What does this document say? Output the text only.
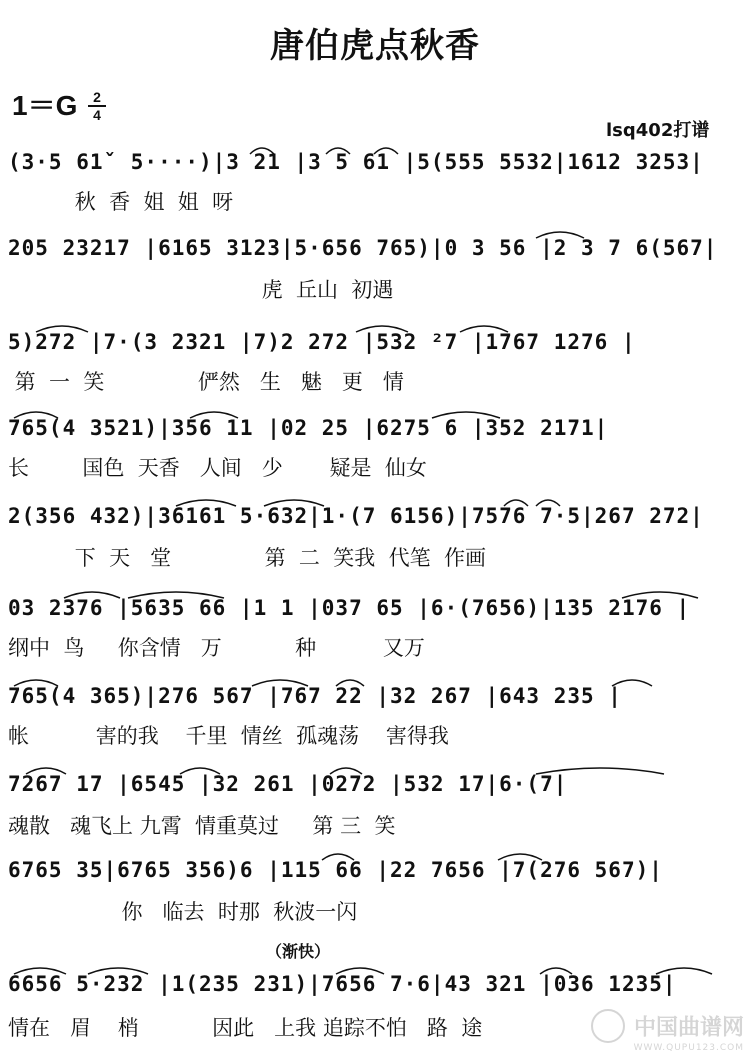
唐伯虎点秋香
1＝G	2
4
lsq402打谱
(3·5 61ˇ 5····)|3 21 |3 5 61 |5(555 5532|1612 3253|
秋  香  姐  姐  呀
205 23217 |6165 3123|5·656 765)|0 3 56 |2 3 7 6(567|
虎  丘山  初遇
5)272 |7·(3 2321 |7)2 272 |532 ²7 |1767 1276 |
第  一  笑              俨然   生   魅   更   情
765(4 3521)|356 11 |02 25 |6275 6 |352 2171|
长        国色  天香   人间   少       疑是  仙女
2(356 432)|36161 5·632|1·(7 6156)|7576 7·5|267 272|
下  天   堂              第  二  笑我  代笔  作画
03 2376 |5635 66 |1 1 |037 65 |6·(7656)|135 2176 |
纲中  鸟     你含情   万           种          又万
765(4 365)|276 567 |767 22 |32 267 |643 235 |
帐          害的我    千里  情丝  孤魂荡    害得我
7267 17 |6545 |32 261 |0272 |532 17|6·(7|
魂散   魂飞上 九霄  情重莫过     第 三  笑
6765 35|6765 356)6 |115 66 |22 7656 |7(276 567)|
你   临去  时那  秋波一闪
（渐快）
6656 5·232 |1(235 231)|7656 7·6|43 321 |036 1235|
情在   眉    梢           因此   上我 追踪不怕   路  途	中国曲谱网
WWW.QUPU123.COM
